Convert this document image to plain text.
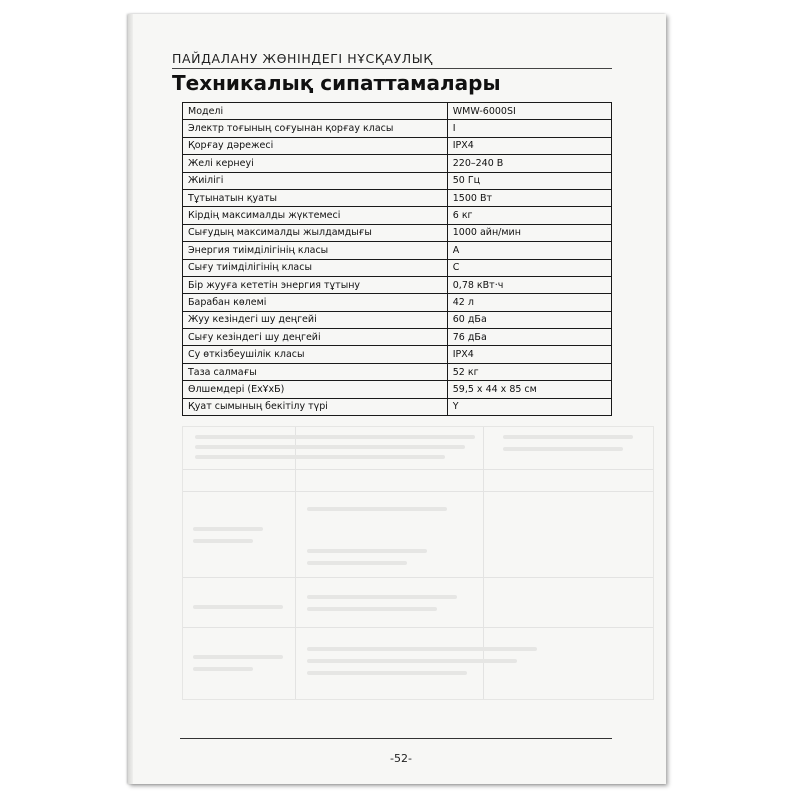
ПАЙДАЛАНУ ЖӨНІНДЕГІ НҰСҚАУЛЫҚ
Техникалық сипаттамалары
Моделі	WMW-6000SI
Электр тоғының соғуынан қорғау класы	I
Қорғау дәрежесі	IPX4
Желі кернеуі	220–240 В
Жиілігі	50 Гц
Тұтынатын қуаты	1500 Вт
Кірдің максималды жүктемесі	6 кг
Сығудың максималды жылдамдығы	1000 айн/мин
Энергия тиімділігінің класы	A
Сығу тиімділігінің класы	C
Бір жууға кететін энергия тұтыну	0,78 кВт·ч
Барабан көлемі	42 л
Жуу кезіндегі шу деңгейі	60 дБа
Сығу кезіндегі шу деңгейі	76 дБа
Су өткізбеушілік класы	IPX4
Таза салмағы	52 кг
Өлшемдері (ЕхҰхБ)	59,5 x 44 x 85 см
Қуат сымының бекітілу түрі	Y
-52-
